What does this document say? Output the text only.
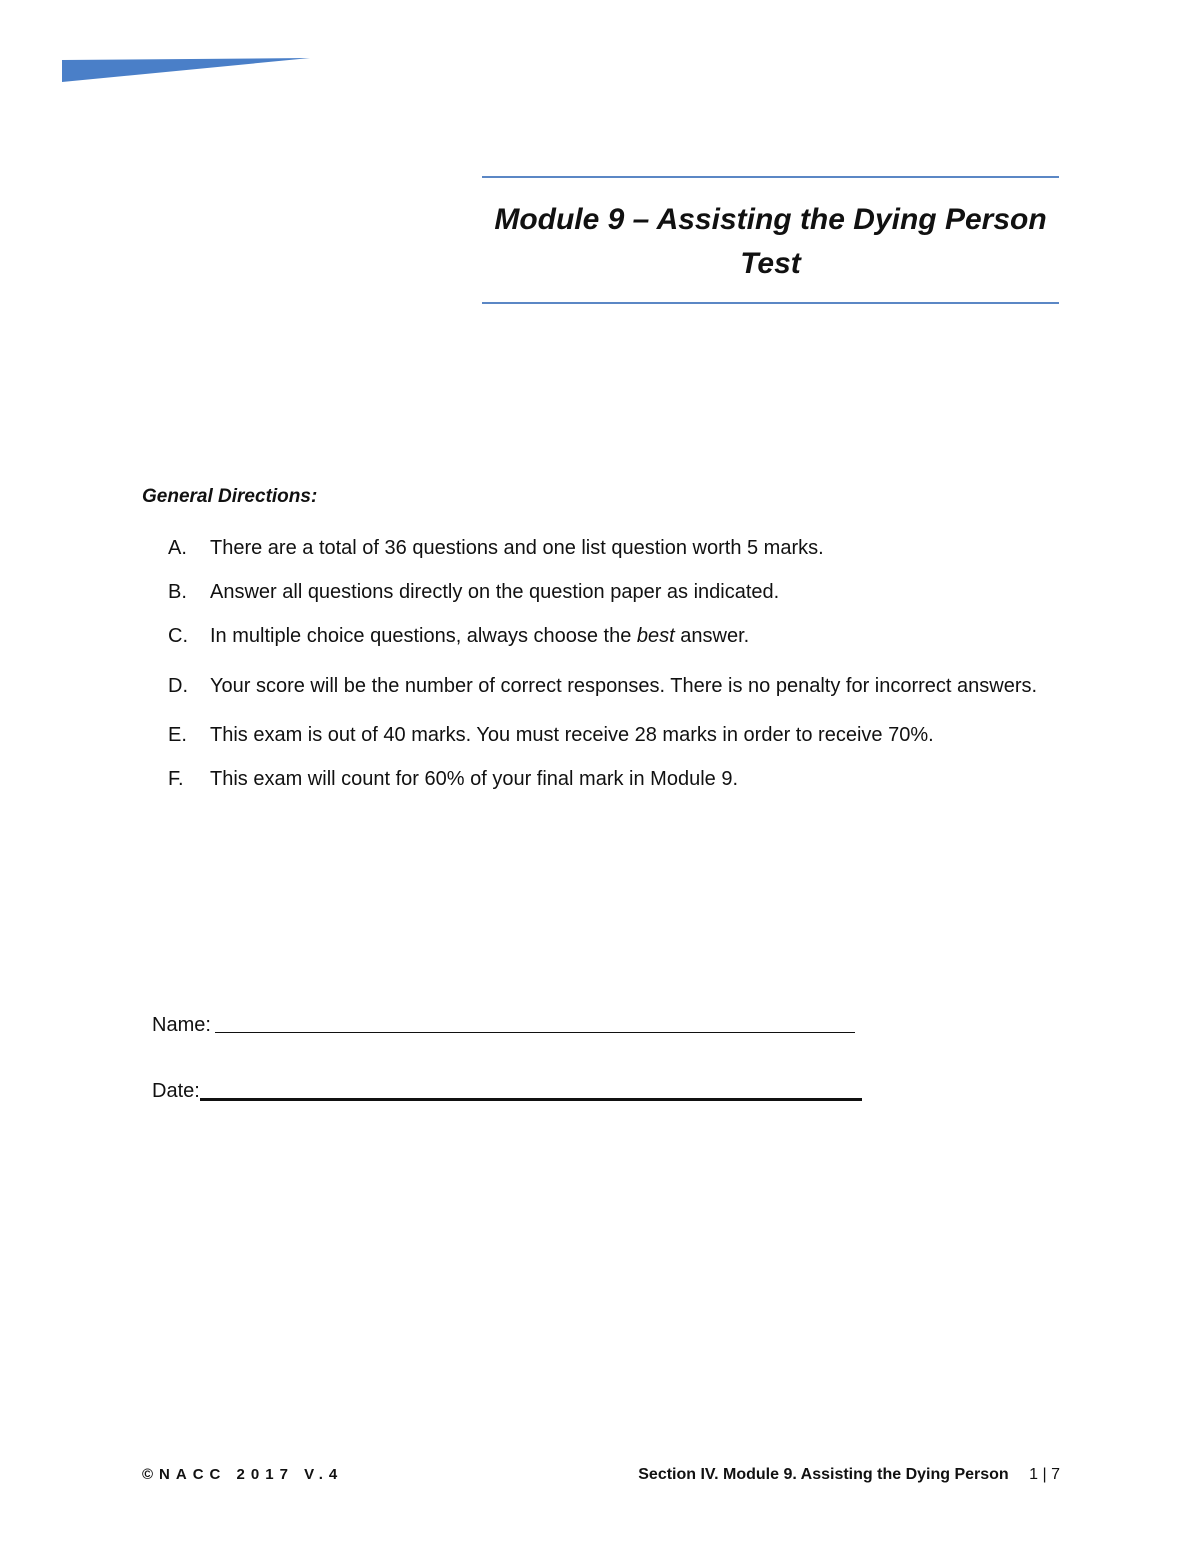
Module 9 – Assisting the Dying Person
Test
General Directions:
A.	There are a total of 36 questions and one list question worth 5 marks.
B.	Answer all questions directly on the question paper as indicated.
C.	In multiple choice questions, always choose the best answer.
D.	Your score will be the number of correct responses. There is no penalty for incorrect answers.
E.	This exam is out of 40 marks. You must receive 28 marks in order to receive 70%.
F.	This exam will count for 60% of your final mark in Module 9.
Name:
Date:
©NACC 2017 V.4	Section IV. Module 9. Assisting the Dying Person 1 | 7
